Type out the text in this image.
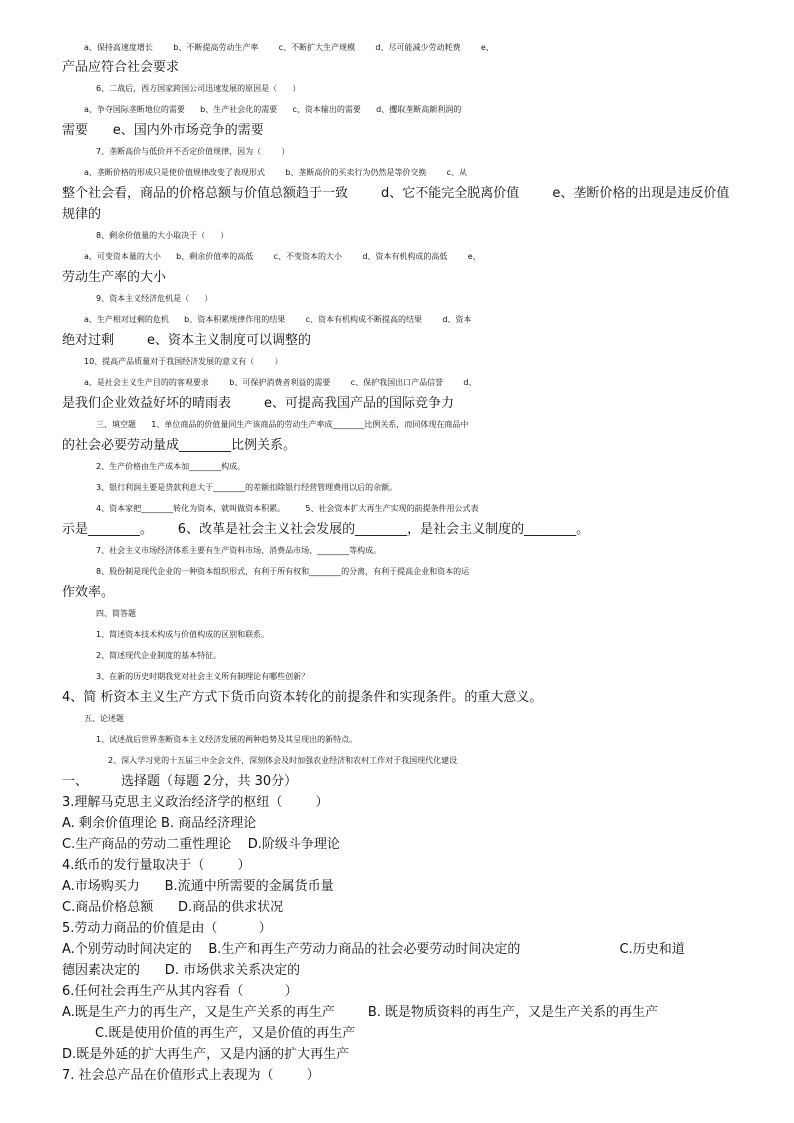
a、保持高速度增长        b、不断提高劳动生产率        c、不断扩大生产规模        d、尽可能减少劳动耗费        e、
产品应符合社会要求
6、二战后，西方国家跨国公司迅速发展的原因是（      ）
a、争夺国际垄断地位的需要      b、生产社会化的需要      c、资本输出的需要      d、攫取垄断高额利润的
需要      e、国内外市场竞争的需要
7、垄断高价与低价并不否定价值规律，因为（        ）
a、垄断价格的形成只是使价值规律改变了表现形式        b、垄断高价的买卖行为仍然是等价交换        c、从
整个社会看，商品的价格总额与价值总额趋于一致        d、它不能完全脱离价值        e、垄断价格的出现是违反价值
规律的
8、剩余价值量的大小取决于（      ）
a、可变资本量的大小      b、剩余价值率的高低        c、不变资本的大小        d、资本有机构成的高低        e、
劳动生产率的大小
9、资本主义经济危机是（      ）
a、生产相对过剩的危机      b、资本积累规律作用的结果        c、资本有机构成不断提高的结果        d、资本
绝对过剩        e、资本主义制度可以调整的
10、提高产品质量对于我国经济发展的意义有（        ）
a、是社会主义生产目的的客观要求        b、可保护消费者利益的需要        c、保护我国出口产品信誉        d、
是我们企业效益好坏的晴雨表        e、可提高我国产品的国际竞争力
三、填空题      1、单位商品的价值量同生产该商品的劳动生产率成________比例关系，而同体现在商品中
的社会必要劳动量成________比例关系。
2、生产价格由生产成本加________构成。
3、银行利润主要是贷款利息大于________的差额扣除银行经营管理费用以后的余额。
4、资本家把________转化为资本，就叫做资本积累。        5、社会资本扩大再生产实现的前提条件用公式表
示是________。      6、改革是社会主义社会发展的________，是社会主义制度的________。
7、社会主义市场经济体系主要有生产资料市场、消费品市场、________等构成。
8、股份制是现代企业的一种资本组织形式，有利于所有权和________的分离，有利于提高企业和资本的运
作效率。
四、简答题
1、简述资本技术构成与价值构成的区别和联系。
2、简述现代企业制度的基本特征。
3、在新的历史时期我党对社会主义所有制理论有哪些创新？
4、简 析资本主义生产方式下货币向资本转化的前提条件和实现条件。的重大意义。
五、论述题
1、试述战后世界垄断资本主义经济发展的两种趋势及其呈现出的新特点。
2、深入学习党的十五届三中全会文件，深刻体会及时加强农业经济和农村工作对于我国现代化建设
一、        选择题（每题 2分，共 30分）
3.理解马克思主义政治经济学的枢纽（        ）
A. 剩余价值理论 B. 商品经济理论
C.生产商品的劳动二重性理论    D.阶级斗争理论
4.纸币的发行量取决于（        ）
A.市场购买力      B.流通中所需要的金属货币量
C.商品价格总额      D.商品的供求状况
5.劳动力商品的价值是由（          ）
A.个别劳动时间决定的    B.生产和再生产劳动力商品的社会必要劳动时间决定的                        C.历史和道
德因素决定的      D. 市场供求关系决定的
6.任何社会再生产从其内容看（          ）
A.既是生产力的再生产，又是生产关系的再生产        B. 既是物质资料的再生产，又是生产关系的再生产
C.既是使用价值的再生产，又是价值的再生产
D.既是外延的扩大再生产，又是内涵的扩大再生产
7. 社会总产品在价值形式上表现为（        ）
